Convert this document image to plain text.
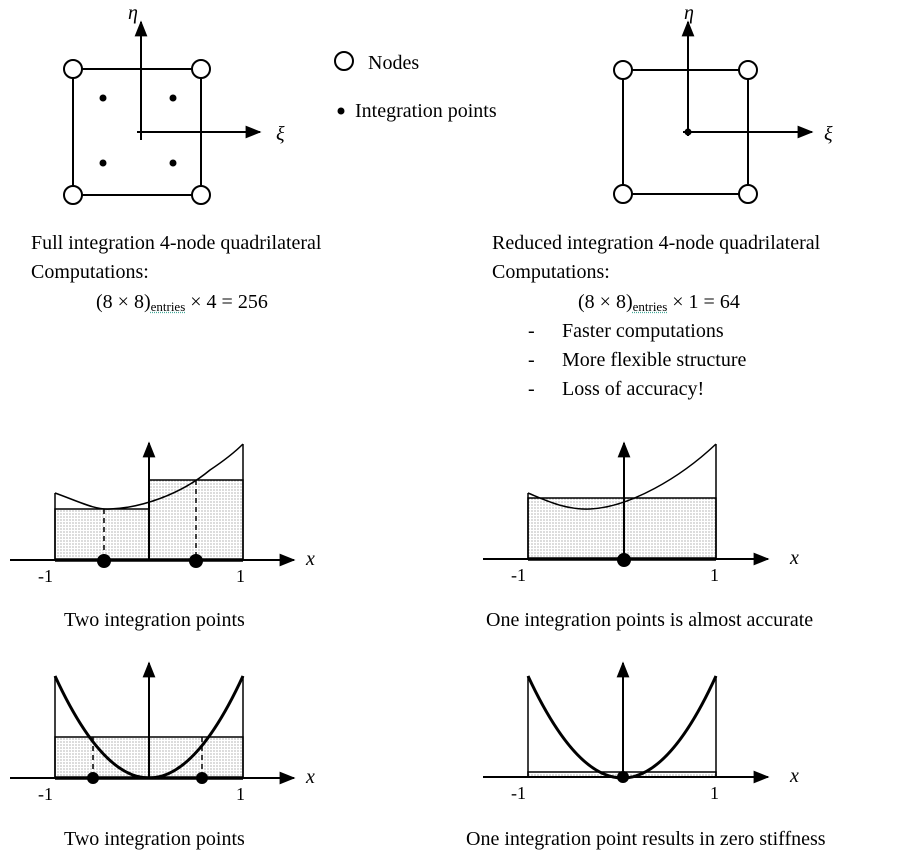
η
ξ
η
ξ
Nodes
Integration points
Full integration 4-node quadrilateral
Computations:
$(8 \times 8)_{entries} \times 4 = 256$
Reduced integration 4-node quadrilateral
Computations:
$(8 \times 8)_{entries} \times 1 = 64$
- Faster computations
- More flexible structure
- Loss of accuracy!
x
-1	1
x
-1	1
Two integration points	One integration points is almost accurate
x
-1	1
x
-1	1
Two integration points	One integration point results in zero stiffness
